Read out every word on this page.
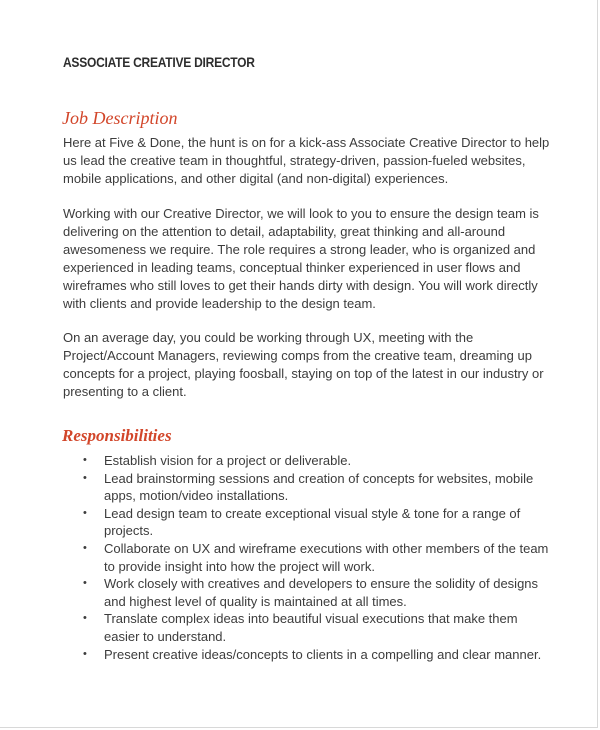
ASSOCIATE CREATIVE DIRECTOR
Job Description

Here at Five & Done, the hunt is on for a kick-ass Associate Creative Director to help us lead the creative team in thoughtful, strategy-driven, passion-fueled websites, mobile applications, and other digital (and non-digital) experiences.

Working with our Creative Director, we will look to you to ensure the design team is delivering on the attention to detail, adaptability, great thinking and all-around awesomeness we require. The role requires a strong leader, who is organized and experienced in leading teams, conceptual thinker experienced in user flows and wireframes who still loves to get their hands dirty with design. You will work directly with clients and provide leadership to the design team.

On an average day, you could be working through UX, meeting with the Project/Account Managers, reviewing comps from the creative team, dreaming up concepts for a project, playing foosball, staying on top of the latest in our industry or presenting to a client.

Responsibilities
• Establish vision for a project or deliverable.
• Lead brainstorming sessions and creation of concepts for websites, mobile apps, motion/video installations.
• Lead design team to create exceptional visual style & tone for a range of projects.
• Collaborate on UX and wireframe executions with other members of the team to provide insight into how the project will work.
• Work closely with creatives and developers to ensure the solidity of designs and highest level of quality is maintained at all times.
• Translate complex ideas into beautiful visual executions that make them easier to understand.
• Present creative ideas/concepts to clients in a compelling and clear manner.
